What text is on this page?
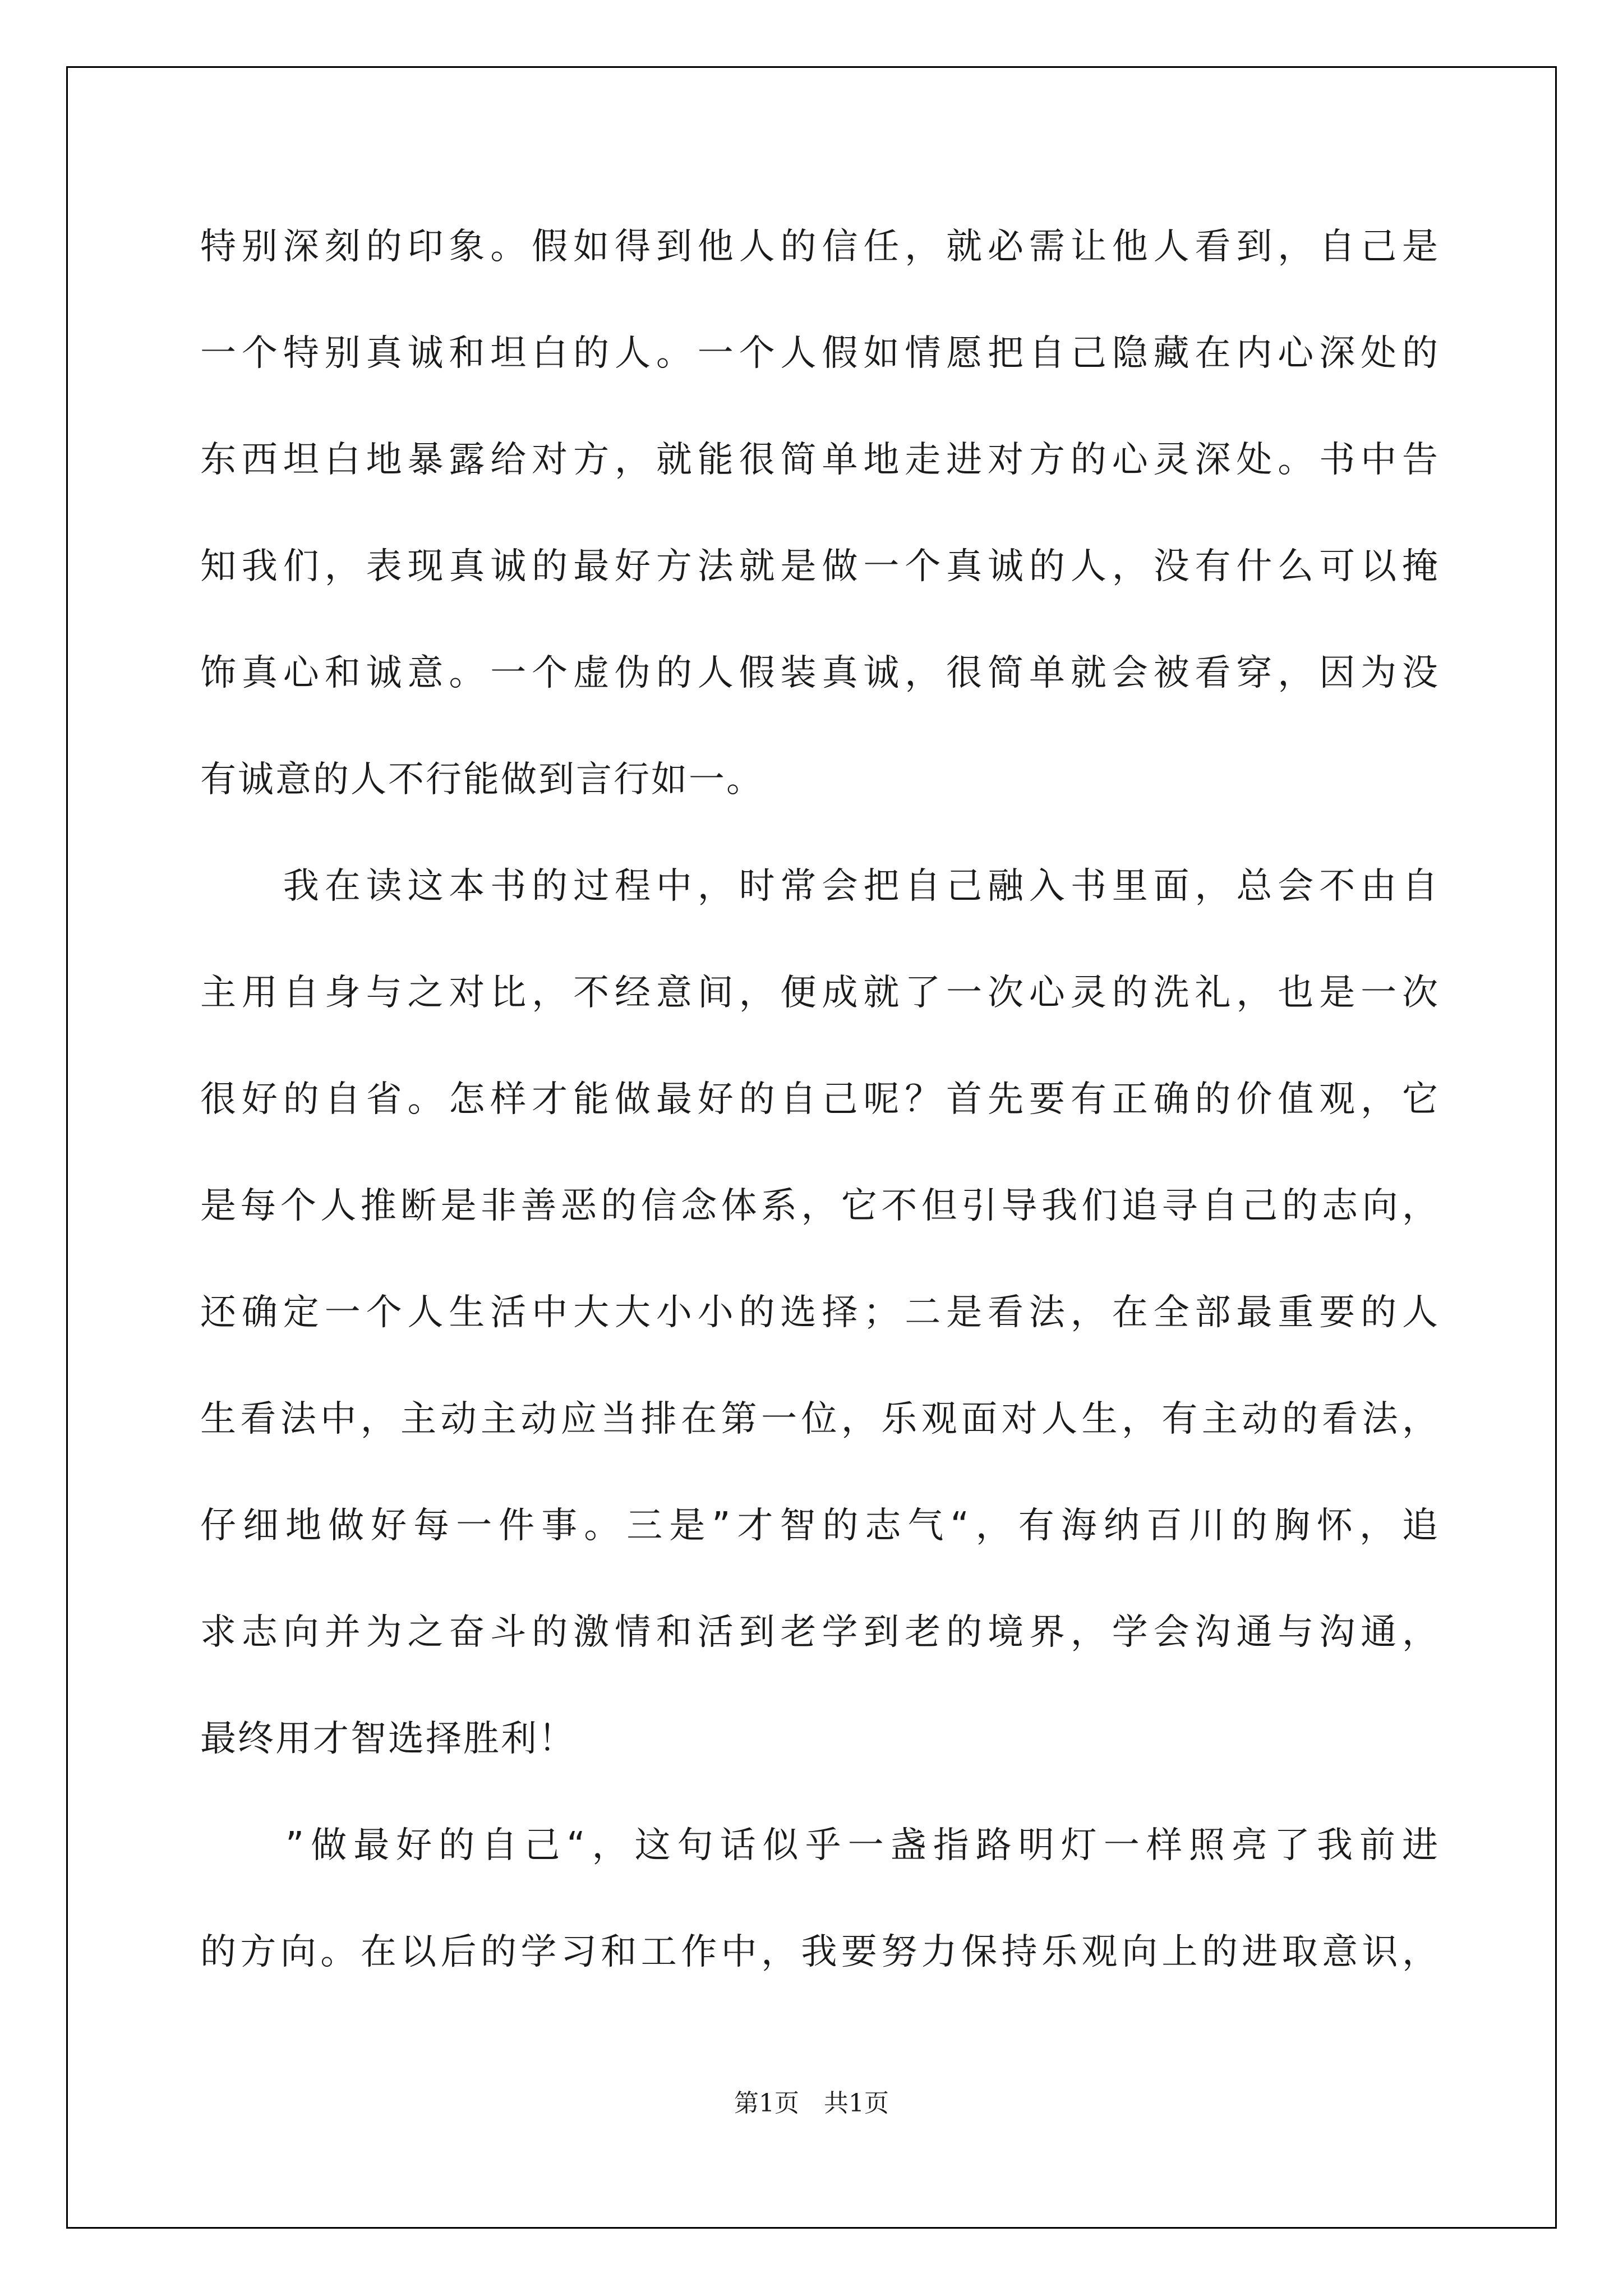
特别深刻的印象。假如得到他人的信任，就必需让他人看到，自己是
一个特别真诚和坦白的人。一个人假如情愿把自己隐藏在内心深处的
东西坦白地暴露给对方，就能很简单地走进对方的心灵深处。书中告
知我们，表现真诚的最好方法就是做一个真诚的人，没有什么可以掩
饰真心和诚意。一个虚伪的人假装真诚，很简单就会被看穿，因为没
有诚意的人不行能做到言行如一。
　　我在读这本书的过程中，时常会把自己融入书里面，总会不由自
主用自身与之对比，不经意间，便成就了一次心灵的洗礼，也是一次
很好的自省。怎样才能做最好的自己呢？首先要有正确的价值观，它
是每个人推断是非善恶的信念体系，它不但引导我们追寻自己的志向，
还确定一个人生活中大大小小的选择；二是看法，在全部最重要的人
生看法中，主动主动应当排在第一位，乐观面对人生，有主动的看法，
仔细地做好每一件事。三是”才智的志气“，有海纳百川的胸怀，追
求志向并为之奋斗的激情和活到老学到老的境界，学会沟通与沟通，
最终用才智选择胜利！
　　”做最好的自己“，这句话似乎一盏指路明灯一样照亮了我前进
的方向。在以后的学习和工作中，我要努力保持乐观向上的进取意识，
第1页　共1页
